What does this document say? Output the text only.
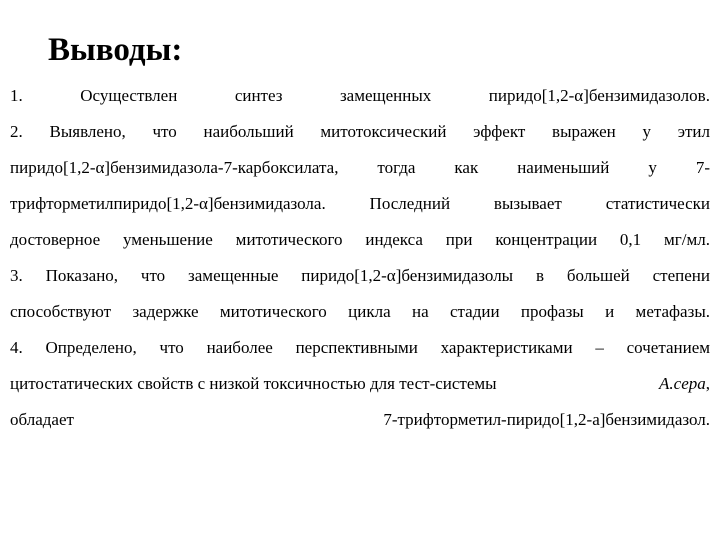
Выводы:
1.	Осуществлен	синтез	замещенных	пиридо[1,2-α]бензимидазолов.
2. Выявлено, что наибольший митотоксический эффект выражен у этил
пиридо[1,2-α]бензимидазола-7-карбоксилата, тогда как наименьший у 7-
трифторметилпиридо[1,2-α]бензимидазола. Последний вызывает статистически
достоверное уменьшение митотического индекса при концентрации 0,1 мг/мл.
3. Показано, что замещенные пиридо[1,2-α]бензимидазолы в большей степени
способствуют задержке митотического цикла на стадии профазы и метафазы.
4. Определено, что наиболее перспективными характеристиками – сочетанием
цитостатических свойств с низкой токсичностью для тест-системы	A.cepa,
обладает	7-трифторметил-пиридо[1,2-a]бензимидазол.
